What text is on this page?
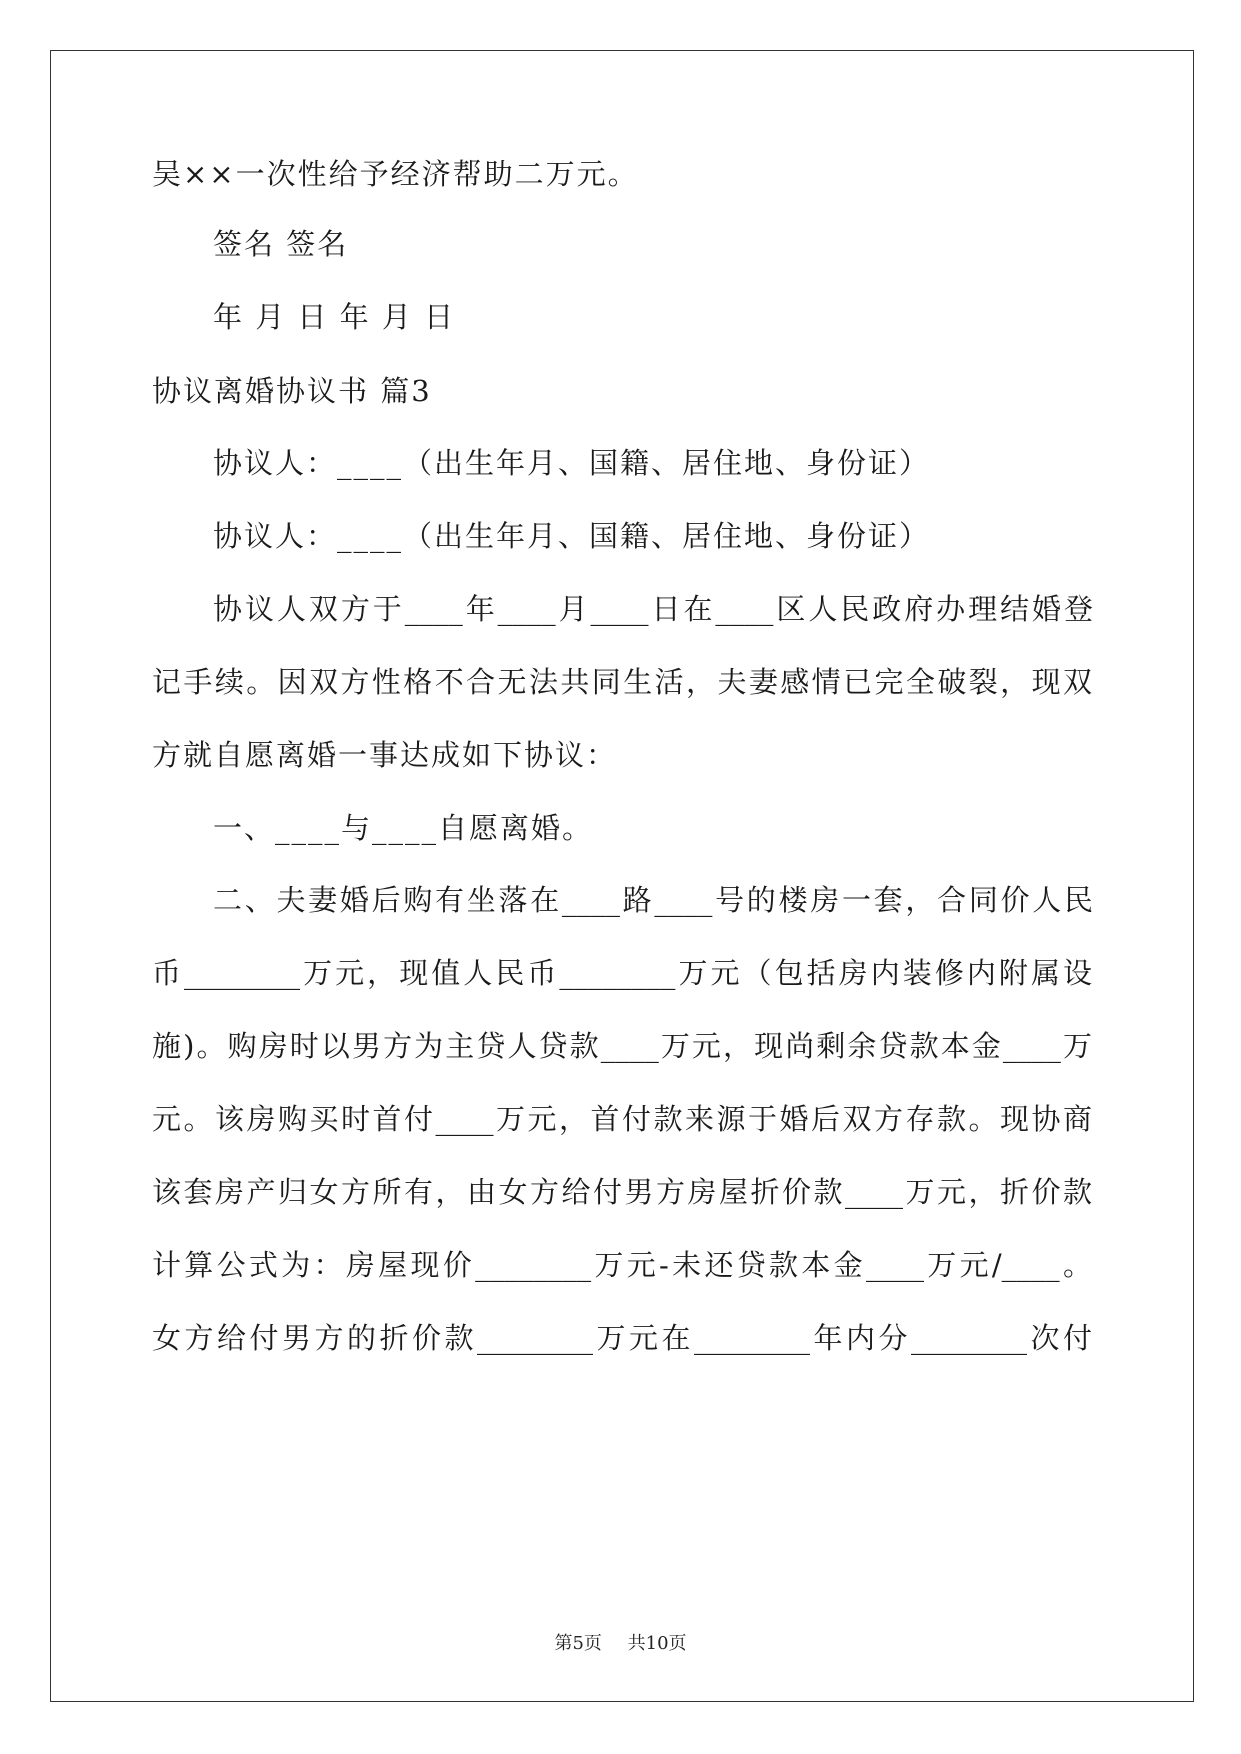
吴××一次性给予经济帮助二万元。
签名 签名
年 月 日 年 月 日
协议离婚协议书 篇3
协议人：____（出生年月、国籍、居住地、身份证）
协议人：____（出生年月、国籍、居住地、身份证）
协议人双方于____年____月____日在____区人民政府办理结婚登
记手续。因双方性格不合无法共同生活，夫妻感情已完全破裂，现双
方就自愿离婚一事达成如下协议：
一、____与____自愿离婚。
二、夫妻婚后购有坐落在____路____号的楼房一套，合同价人民
币________万元，现值人民币________万元（包括房内装修内附属设
施)。购房时以男方为主贷人贷款____万元，现尚剩余贷款本金____万
元。该房购买时首付____万元，首付款来源于婚后双方存款。现协商
该套房产归女方所有，由女方给付男方房屋折价款____万元，折价款
计算公式为：房屋现价________万元-未还贷款本金____万元/____。
女方给付男方的折价款________万元在________年内分________次付
第5页 共10页
